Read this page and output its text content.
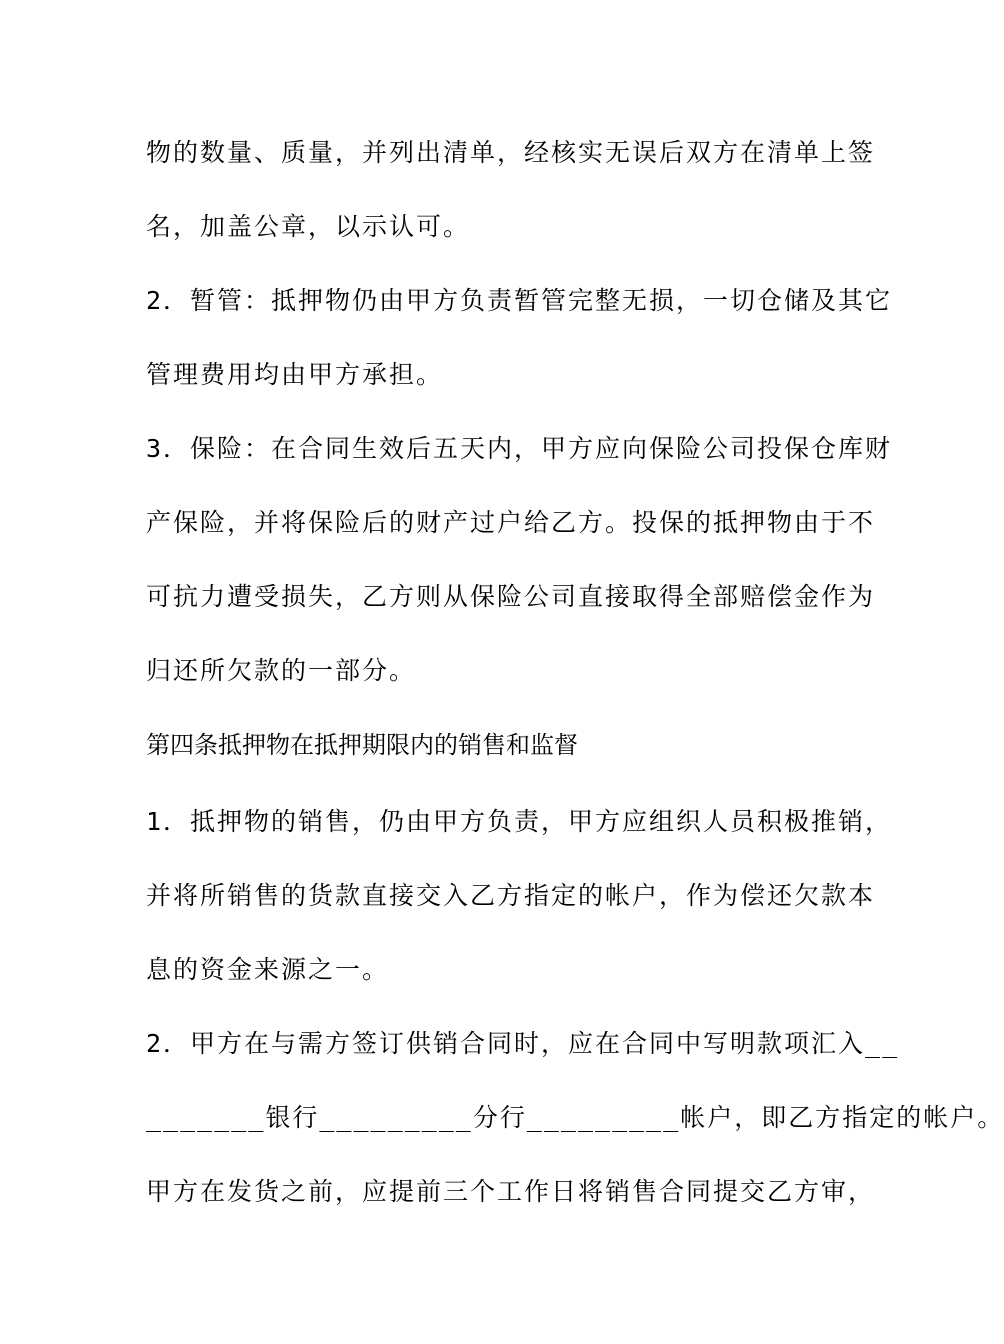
物的数量、质量，并列出清单，经核实无误后双方在清单上签
名，加盖公章，以示认可。
2．暂管：抵押物仍由甲方负责暂管完整无损，一切仓储及其它
管理费用均由甲方承担。
3．保险：在合同生效后五天内，甲方应向保险公司投保仓库财
产保险，并将保险后的财产过户给乙方。投保的抵押物由于不
可抗力遭受损失，乙方则从保险公司直接取得全部赔偿金作为
归还所欠款的一部分。
第四条抵押物在抵押期限内的销售和监督
1．抵押物的销售，仍由甲方负责，甲方应组织人员积极推销，
并将所销售的货款直接交入乙方指定的帐户，作为偿还欠款本
息的资金来源之一。
2．甲方在与需方签订供销合同时，应在合同中写明款项汇入__
_______银行_________分行_________帐户，即乙方指定的帐户。
甲方在发货之前，应提前三个工作日将销售合同提交乙方审，
